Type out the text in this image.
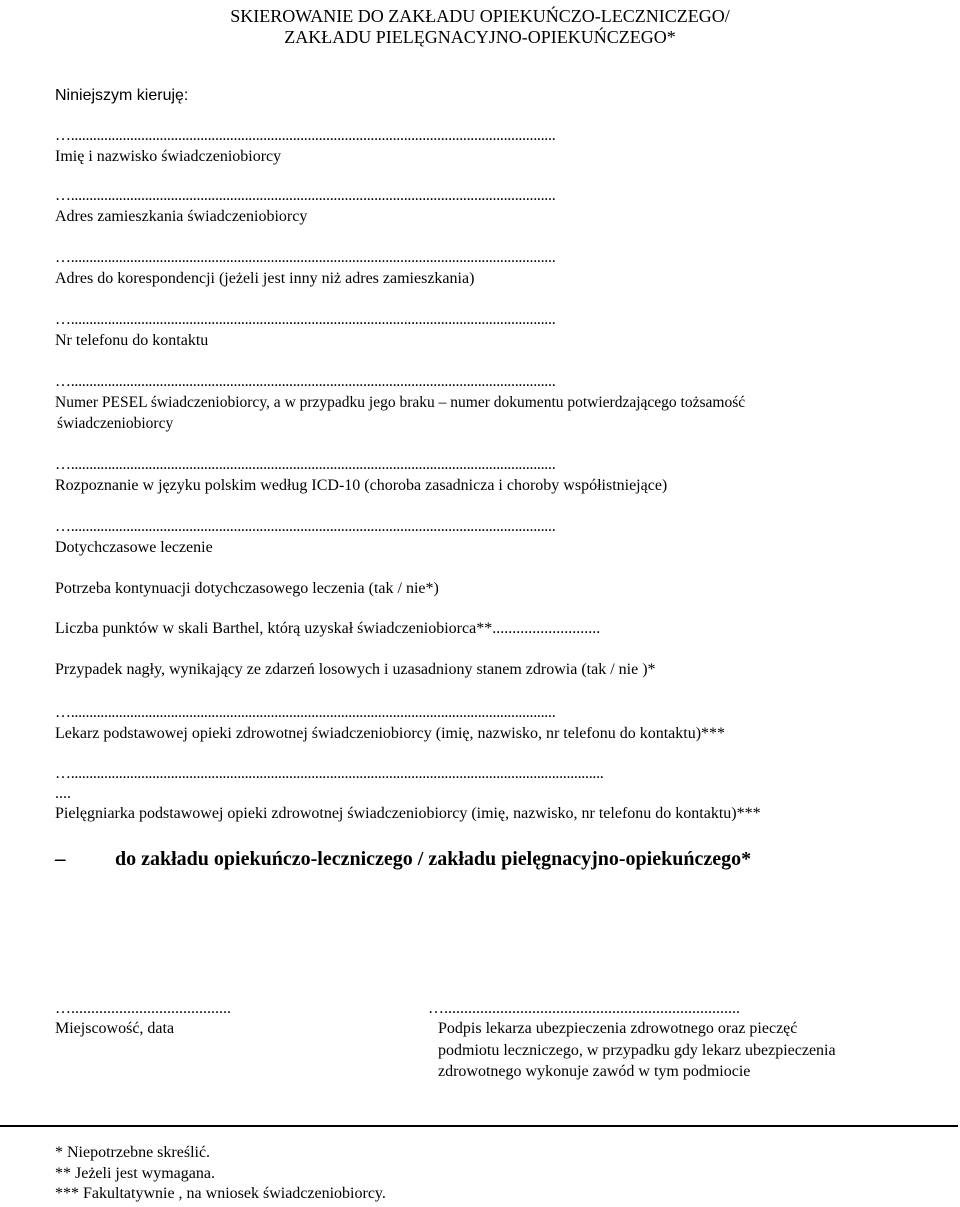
SKIEROWANIE DO ZAKŁADU OPIEKUŃCZO-LECZNICZEGO/
ZAKŁADU PIELĘGNACYJNO-OPIEKUŃCZEGO*
Niniejszym kieruję:
…...................................................................................................................................
Imię i nazwisko świadczeniobiorcy
…...................................................................................................................................
Adres zamieszkania świadczeniobiorcy
…...................................................................................................................................
Adres do korespondencji (jeżeli jest inny niż adres zamieszkania)
…...................................................................................................................................
Nr telefonu do kontaktu
…...................................................................................................................................
Numer PESEL świadczeniobiorcy, a w przypadku jego braku – numer dokumentu potwierdzającego tożsamość
świadczeniobiorcy
…...................................................................................................................................
Rozpoznanie w języku polskim według ICD-10 (choroba zasadnicza i choroby współistniejące)
…...................................................................................................................................
Dotychczasowe leczenie
Potrzeba kontynuacji dotychczasowego leczenia (tak / nie*)
Liczba punktów w skali Barthel, którą uzyskał świadczeniobiorca**...........................
Przypadek nagły, wynikający ze zdarzeń losowych i uzasadniony stanem zdrowia (tak / nie )*
…...................................................................................................................................
Lekarz podstawowej opieki zdrowotnej świadczeniobiorcy (imię, nazwisko, nr telefonu do kontaktu)***
…................................................................................................................................................
....
Pielęgniarka podstawowej opieki zdrowotnej świadczeniobiorcy (imię, nazwisko, nr telefonu do kontaktu)***
– do zakładu opiekuńczo-leczniczego / zakładu pielęgnacyjno-opiekuńczego*
…........................................
Miejscowość, data
…..........................................................................
Podpis lekarza ubezpieczenia zdrowotnego oraz pieczęć
podmiotu leczniczego, w przypadku gdy lekarz ubezpieczenia
zdrowotnego wykonuje zawód w tym podmiocie
* Niepotrzebne skreślić.
** Jeżeli jest wymagana.
*** Fakultatywnie , na wniosek świadczeniobiorcy.
